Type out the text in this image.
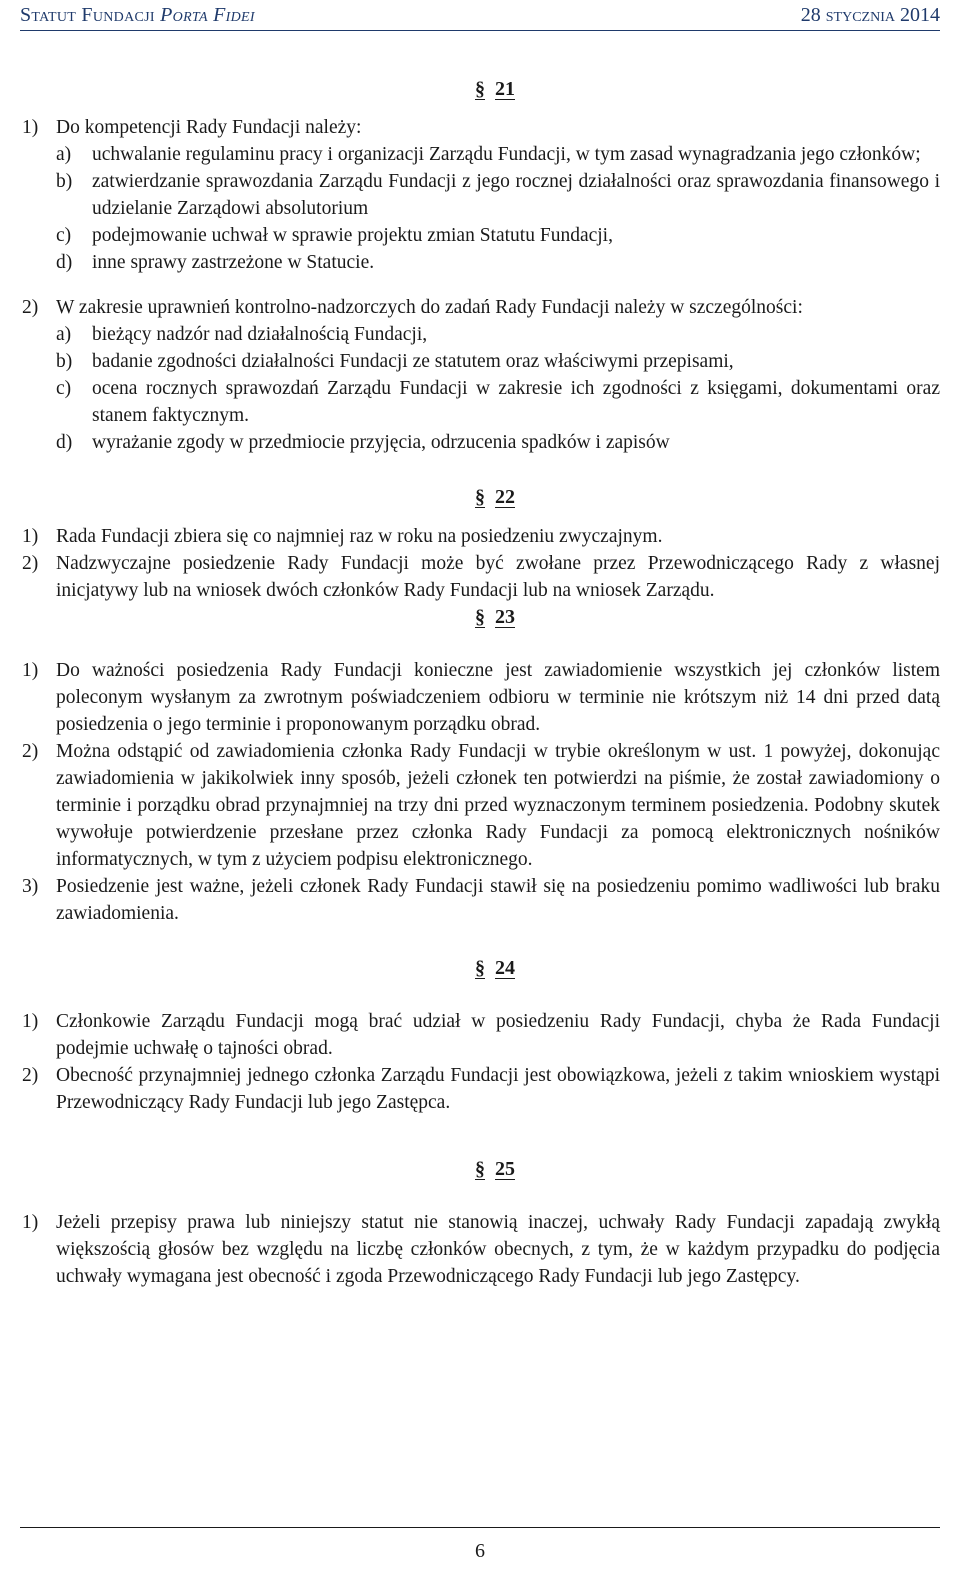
Statut Fundacji Porta Fidei	28 stycznia 2014
§ 21
1) Do kompetencji Rady Fundacji należy:
a) uchwalanie regulaminu pracy i organizacji Zarządu Fundacji, w tym zasad wynagradzania jego członków;
b) zatwierdzanie sprawozdania Zarządu Fundacji z jego rocznej działalności oraz sprawozdania finansowego i udzielanie Zarządowi absolutorium
c) podejmowanie uchwał w sprawie projektu zmian Statutu Fundacji,
d) inne sprawy zastrzeżone w Statucie.
2) W zakresie uprawnień kontrolno-nadzorczych do zadań Rady Fundacji należy w szczególności:
a) bieżący nadzór nad działalnością Fundacji,
b) badanie zgodności działalności Fundacji ze statutem oraz właściwymi przepisami,
c) ocena rocznych sprawozdań Zarządu Fundacji w zakresie ich zgodności z księgami, dokumentami oraz stanem faktycznym.
d) wyrażanie zgody w przedmiocie przyjęcia, odrzucenia spadków i zapisów
§ 22
1) Rada Fundacji zbiera się co najmniej raz w roku na posiedzeniu zwyczajnym.
2) Nadzwyczajne posiedzenie Rady Fundacji może być zwołane przez Przewodniczącego Rady z własnej inicjatywy lub na wniosek dwóch członków Rady Fundacji lub na wniosek Zarządu.
§ 23
1) Do ważności posiedzenia Rady Fundacji konieczne jest zawiadomienie wszystkich jej członków listem poleconym wysłanym za zwrotnym poświadczeniem odbioru w terminie nie krótszym niż 14 dni przed datą posiedzenia o jego terminie i proponowanym porządku obrad.
2) Można odstąpić od zawiadomienia członka Rady Fundacji w trybie określonym w ust. 1 powyżej, dokonując zawiadomienia w jakikolwiek inny sposób, jeżeli członek ten potwierdzi na piśmie, że został zawiadomiony o terminie i porządku obrad przynajmniej na trzy dni przed wyznaczonym terminem posiedzenia. Podobny skutek wywołuje potwierdzenie przesłane przez członka Rady Fundacji za pomocą elektronicznych nośników informatycznych, w tym z użyciem podpisu elektronicznego.
3) Posiedzenie jest ważne, jeżeli członek Rady Fundacji stawił się na posiedzeniu pomimo wadliwości lub braku zawiadomienia.
§ 24
1) Członkowie Zarządu Fundacji mogą brać udział w posiedzeniu Rady Fundacji, chyba że Rada Fundacji podejmie uchwałę o tajności obrad.
2) Obecność przynajmniej jednego członka Zarządu Fundacji jest obowiązkowa, jeżeli z takim wnioskiem wystąpi Przewodniczący Rady Fundacji lub jego Zastępca.
§ 25
1) Jeżeli przepisy prawa lub niniejszy statut nie stanowią inaczej, uchwały Rady Fundacji zapadają zwykłą większością głosów bez względu na liczbę członków obecnych, z tym, że w każdym przypadku do podjęcia uchwały wymagana jest obecność i zgoda Przewodniczącego Rady Fundacji lub jego Zastępcy.
6
